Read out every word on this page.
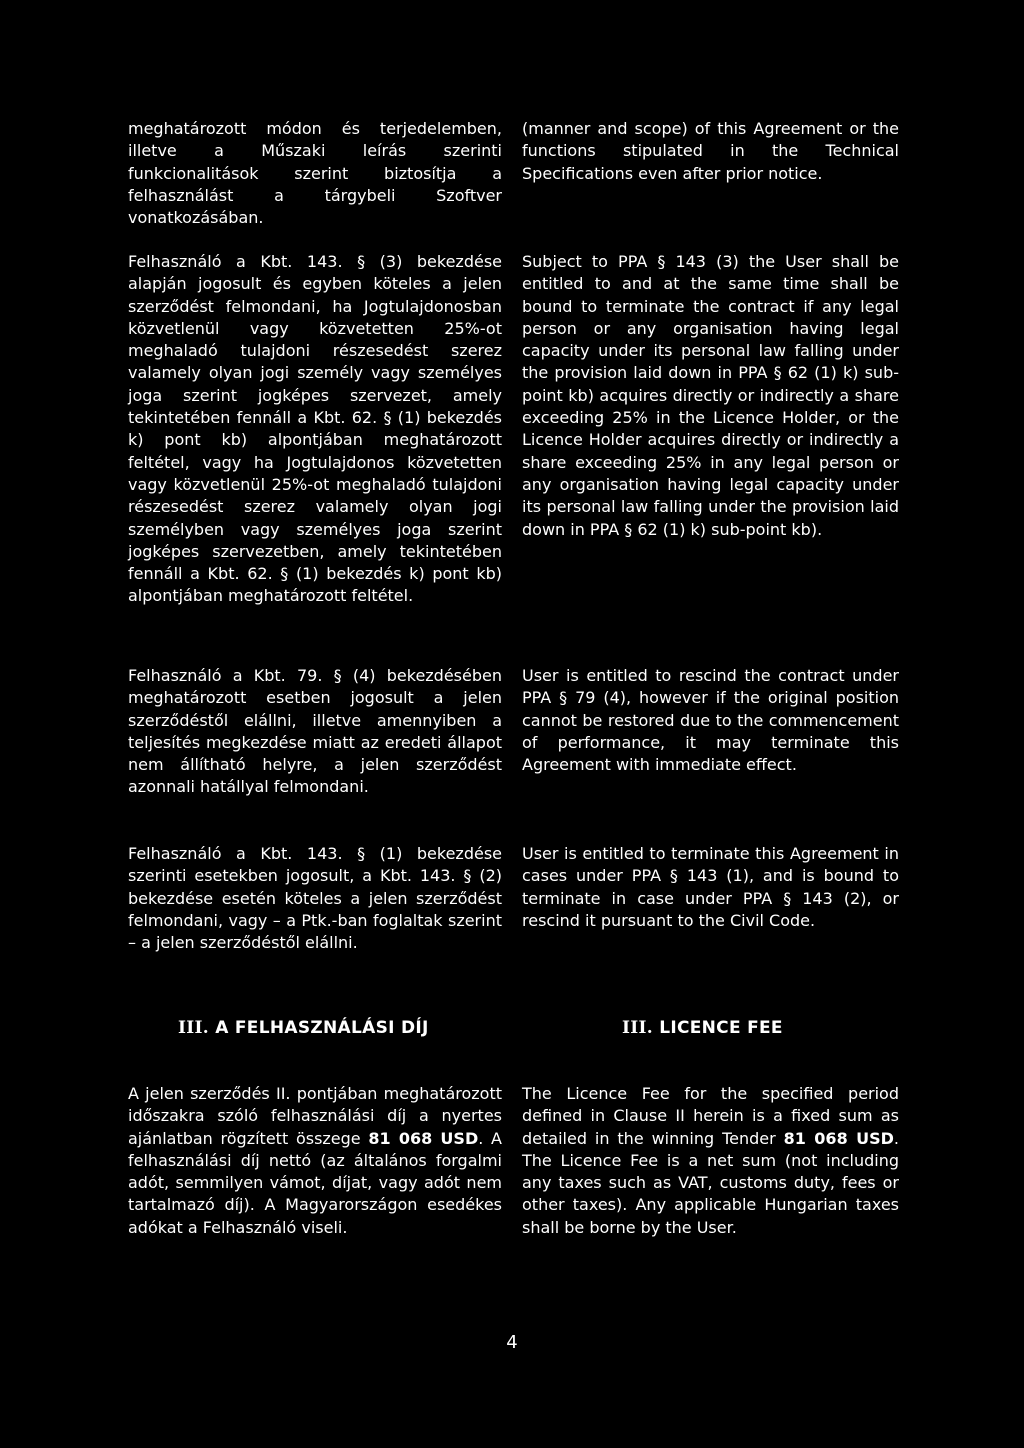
meghatározott módon és terjedelemben, illetve a Műszaki leírás szerinti funkcionalitások szerint biztosítja a felhasználást a tárgybeli Szoftver vonatkozásában.

(manner and scope) of this Agreement or the functions stipulated in the Technical Specifications even after prior notice.

Felhasználó a Kbt. 143. § (3) bekezdése alapján jogosult és egyben köteles a jelen szerződést felmondani, ha Jogtulajdonosban közvetlenül vagy közvetetten 25%-ot meghaladó tulajdoni részesedést szerez valamely olyan jogi személy vagy személyes joga szerint jogképes szervezet, amely tekintetében fennáll a Kbt. 62. § (1) bekezdés k) pont kb) alpontjában meghatározott feltétel, vagy ha Jogtulajdonos közvetetten vagy közvetlenül 25%-ot meghaladó tulajdoni részesedést szerez valamely olyan jogi személyben vagy személyes joga szerint jogképes szervezetben, amely tekintetében fennáll a Kbt. 62. § (1) bekezdés k) pont kb) alpontjában meghatározott feltétel.

Subject to PPA § 143 (3) the User shall be entitled to and at the same time shall be bound to terminate the contract if any legal person or any organisation having legal capacity under its personal law falling under the provision laid down in PPA § 62 (1) k) sub-point kb) acquires directly or indirectly a share exceeding 25% in the Licence Holder, or the Licence Holder acquires directly or indirectly a share exceeding 25% in any legal person or any organisation having legal capacity under its personal law falling under the provision laid down in PPA § 62 (1) k) sub-point kb).

Felhasználó a Kbt. 79. § (4) bekezdésében meghatározott esetben jogosult a jelen szerződéstől elállni, illetve amennyiben a teljesítés megkezdése miatt az eredeti állapot nem állítható helyre, a jelen szerződést azonnali hatállyal felmondani.

User is entitled to rescind the contract under PPA § 79 (4), however if the original position cannot be restored due to the commencement of performance, it may terminate this Agreement with immediate effect.

Felhasználó a Kbt. 143. § (1) bekezdése szerinti esetekben jogosult, a Kbt. 143. § (2) bekezdése esetén köteles a jelen szerződést felmondani, vagy – a Ptk.-ban foglaltak szerint – a jelen szerződéstől elállni.

User is entitled to terminate this Agreement in cases under PPA § 143 (1), and is bound to terminate in case under PPA § 143 (2), or rescind it pursuant to the Civil Code.

III. A FELHASZNÁLÁSI DÍJ	III. LICENCE FEE

A jelen szerződés II. pontjában meghatározott időszakra szóló felhasználási díj a nyertes ajánlatban rögzített összege 81 068 USD. A felhasználási díj nettó (az általános forgalmi adót, semmilyen vámot, díjat, vagy adót nem tartalmazó díj). A Magyarországon esedékes adókat a Felhasználó viseli.

The Licence Fee for the specified period defined in Clause II herein is a fixed sum as detailed in the winning Tender 81 068 USD. The Licence Fee is a net sum (not including any taxes such as VAT, customs duty, fees or other taxes). Any applicable Hungarian taxes shall be borne by the User.

4
